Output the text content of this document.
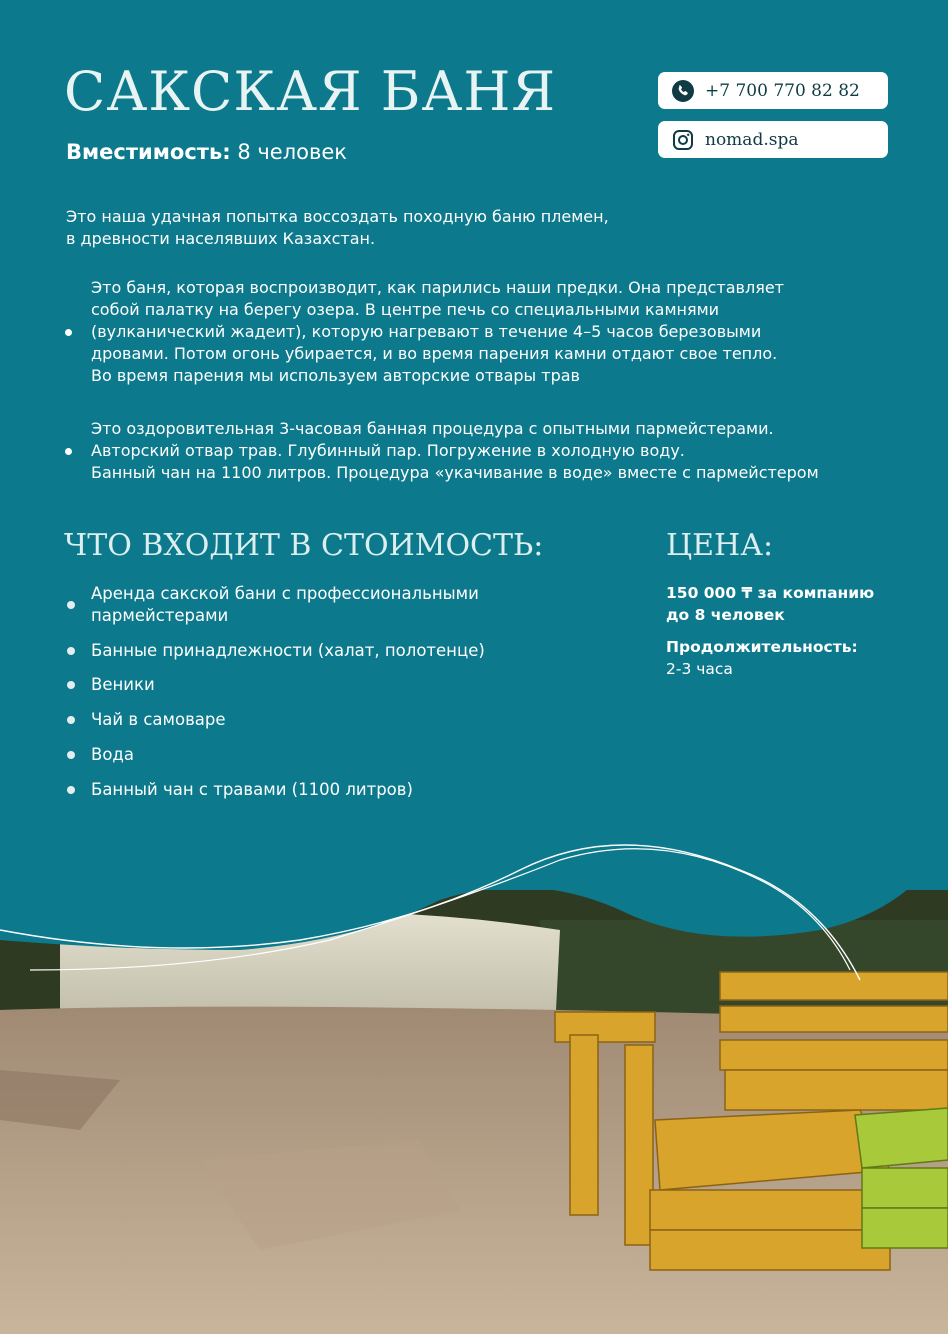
САКСКАЯ БАНЯ
Вместимость: 8 человек
+7 700 770 82 82
nomad.spa

Это наша удачная попытка воссоздать походную баню племен,
в древности населявших Казахстан.

Это баня, которая воспроизводит, как парились наши предки. Она представляет
собой палатку на берегу озера. В центре печь со специальными камнями
(вулканический жадеит), которую нагревают в течение 4–5 часов березовыми
дровами. Потом огонь убирается, и во время парения камни отдают свое тепло.
Во время парения мы используем авторские отвары трав
Это оздоровительная 3-часовая банная процедура с опытными пармейстерами.
Авторский отвар трав. Глубинный пар. Погружение в холодную воду.
Банный чан на 1100 литров. Процедура «укачивание в воде» вместе с пармейстером
ЧТО ВХОДИТ В СТОИМОСТЬ:	ЦЕНА:
Аренда сакской бани с профессиональными пармейстерами
Банные принадлежности (халат, полотенце)
Веники
Чай в самоваре
Вода
Банный чан с травами (1100 литров)
150 000 ₸ за компанию
до 8 человек
Продолжительность:
2-3 часа
